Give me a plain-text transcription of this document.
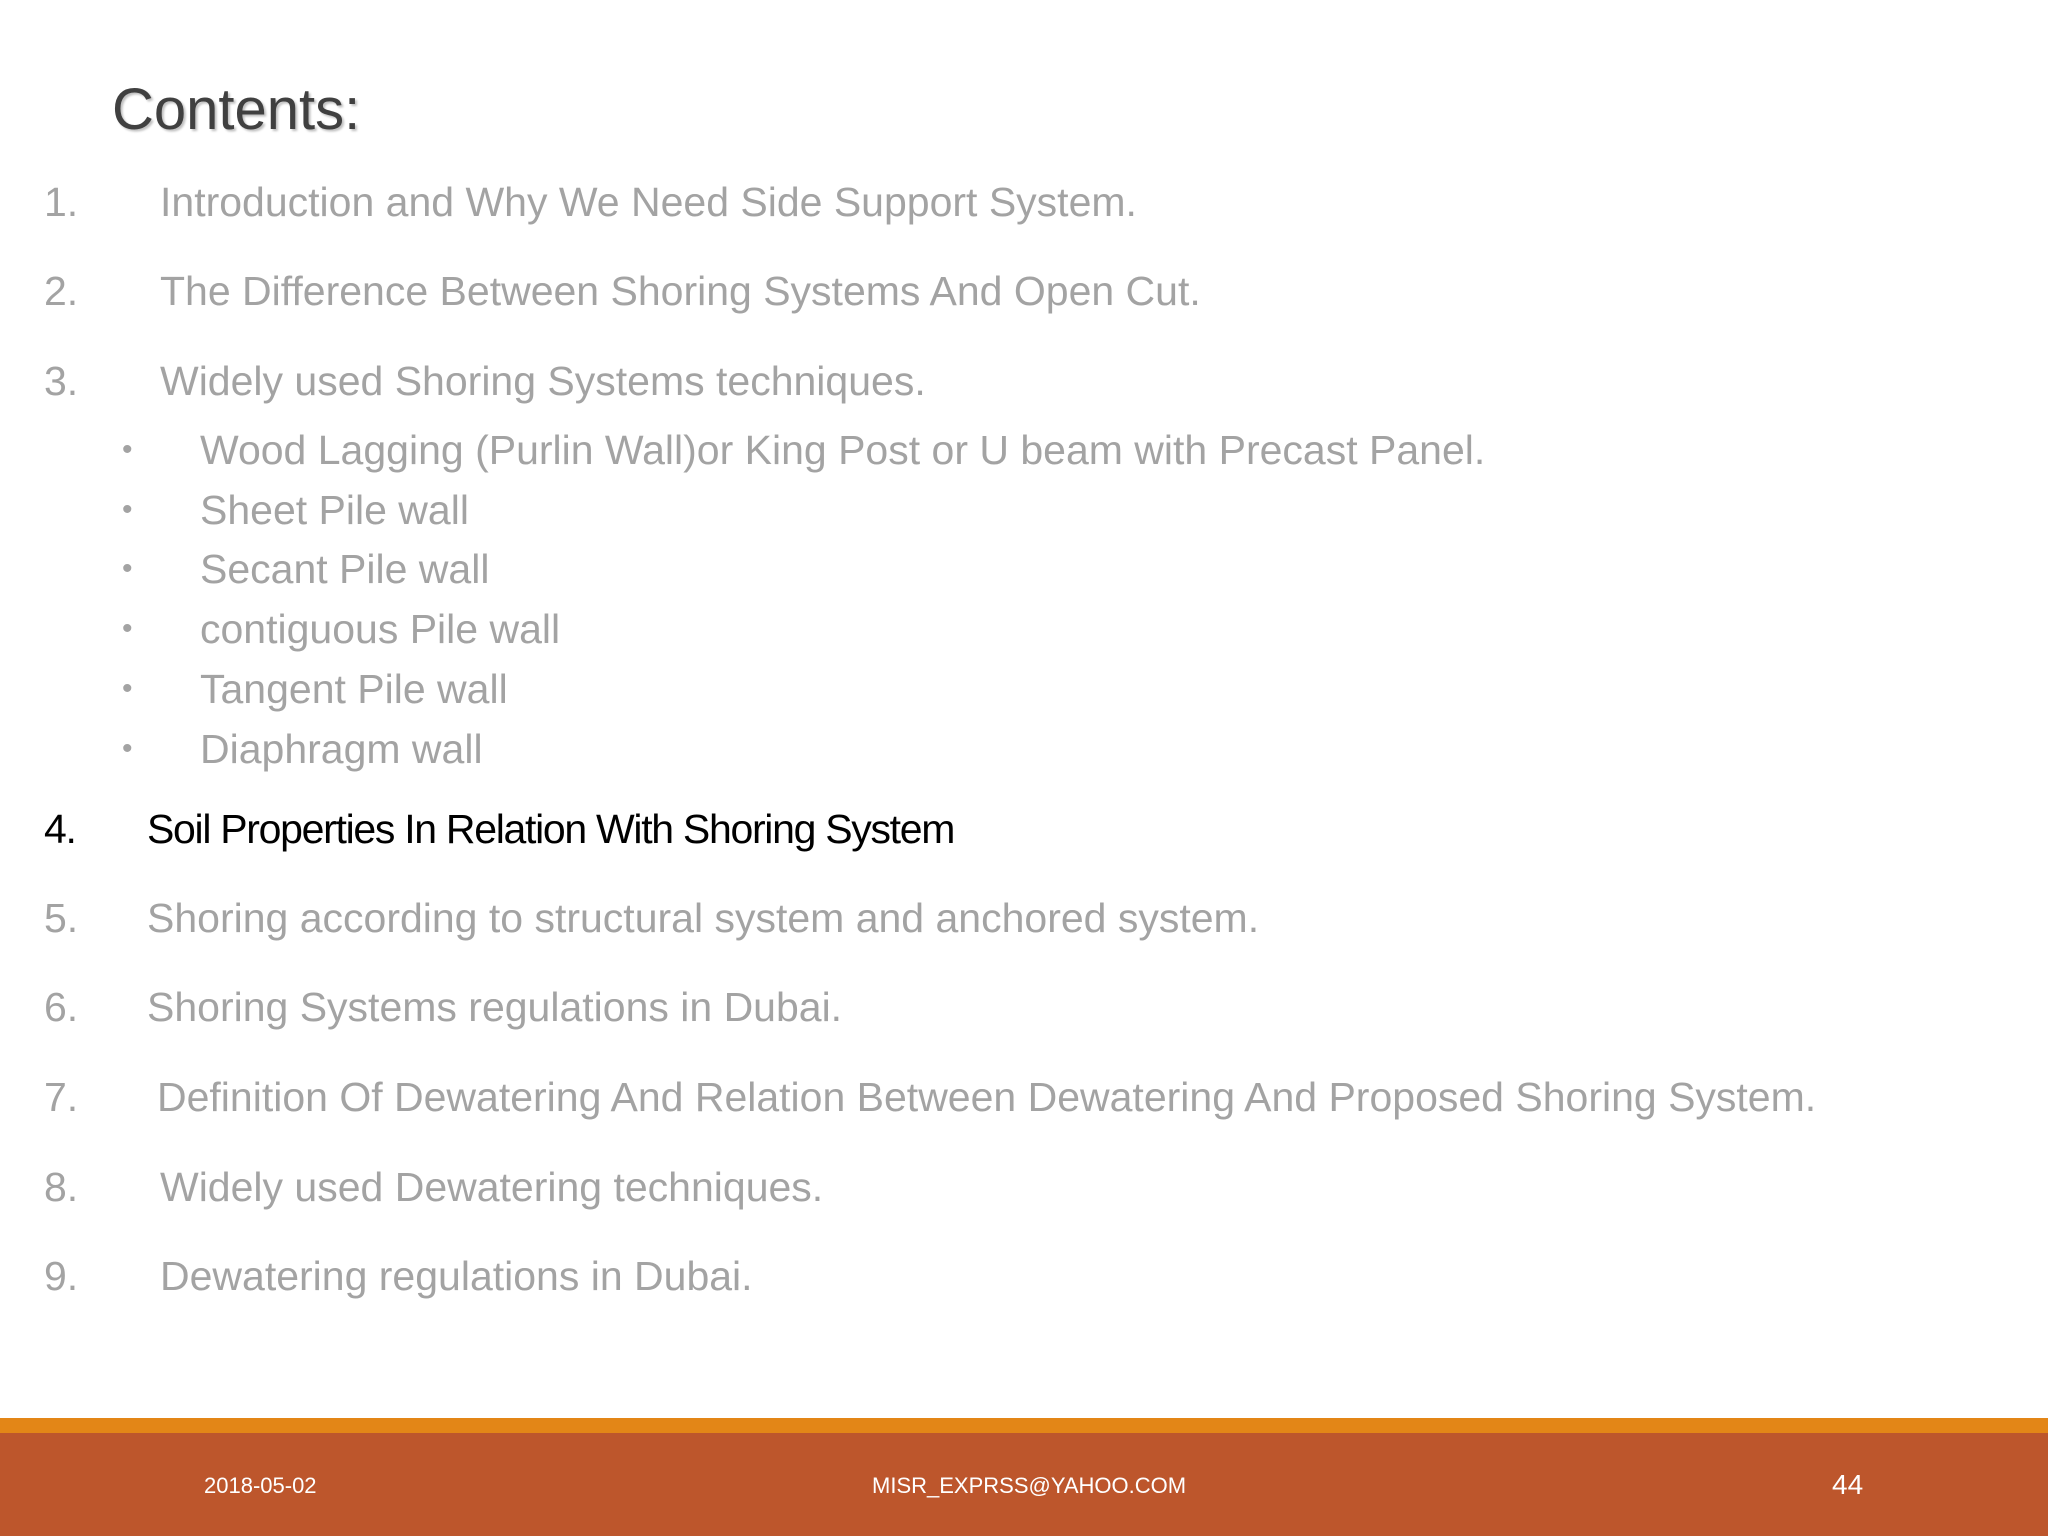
Contents:
1. Introduction and Why We Need Side Support System.
2. The Difference Between Shoring Systems And Open Cut.
3. Widely used Shoring Systems techniques.
• Wood Lagging (Purlin Wall)or King Post or U beam with Precast Panel.
• Sheet Pile wall
• Secant Pile wall
• contiguous Pile wall
• Tangent Pile wall
• Diaphragm wall
4. Soil Properties In Relation With Shoring System
5. Shoring according to structural system and anchored system.
6. Shoring Systems regulations in Dubai.
7. Definition Of Dewatering And Relation Between Dewatering And Proposed Shoring System.
8. Widely used Dewatering techniques.
9. Dewatering regulations in Dubai.
2018-05-02	MISR_EXPRSS@YAHOO.COM	44
